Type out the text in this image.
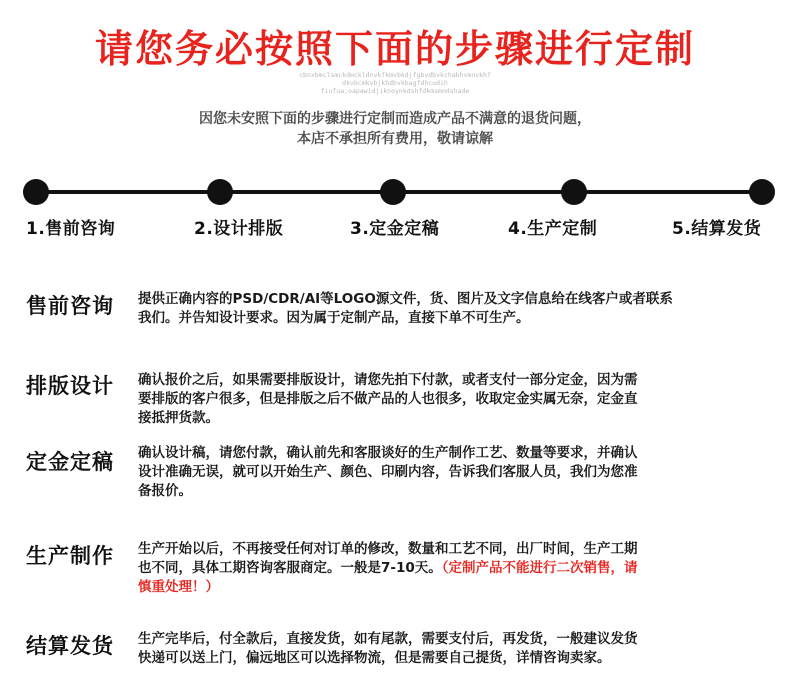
请您务必按照下面的步骤进行定制
cbnxbmclsmckdmckldnvkfkmvbkdjfgbvdbvkchabhvmnvkhf
dkvbcmkvbjkhdbvkbagfdhcudih
fiufua;oapawidjiknoynkdshfdkmsmndshade
因您未安照下面的步骤进行定制而造成产品不满意的退货问题，
本店不承担所有费用，敬请谅解
1.售前咨询	2.设计排版	3.定金定稿	4.生产定制	5.结算发货
售前咨询 提供正确内容的PSD/CDR/AI等LOGO源文件，货、图片及文字信息给在线客户或者联系
我们。并告知设计要求。因为属于定制产品，直接下单不可生产。
排版设计 确认报价之后，如果需要排版设计，请您先拍下付款，或者支付一部分定金，因为需
要排版的客户很多，但是排版之后不做产品的人也很多，收取定金实属无奈，定金直
接抵押货款。
定金定稿 确认设计稿，请您付款，确认前先和客服谈好的生产制作工艺、数量等要求，并确认
设计准确无误，就可以开始生产、颜色、印刷内容，告诉我们客服人员，我们为您准
备报价。
生产制作 生产开始以后，不再接受任何对订单的修改，数量和工艺不同，出厂时间，生产工期
也不同，具体工期咨询客服商定。一般是7-10天。（定制产品不能进行二次销售，请
慎重处理！）
结算发货 生产完毕后，付全款后，直接发货，如有尾款，需要支付后，再发货，一般建议发货
快递可以送上门，偏远地区可以选择物流，但是需要自己提货，详情咨询卖家。
